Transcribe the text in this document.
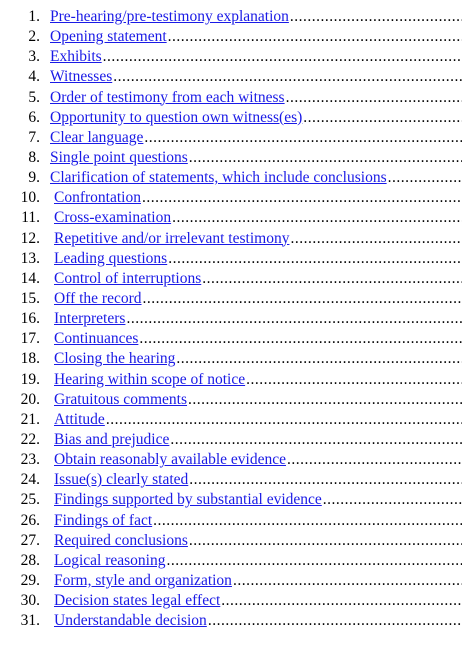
1. Pre-hearing/pre-testimony explanation
.....
2. Opening statement
.....
3. Exhibits
.....
4. Witnesses
.....
5. Order of testimony from each witness
.....
6. Opportunity to question own witness(es)
.....
7. Clear language
.....
8. Single point questions
.....
9. Clarification of statements, which include conclusions
.....
10. Confrontation
.....
11. Cross-examination
.....
12. Repetitive and/or irrelevant testimony
.....
13. Leading questions
.....
14. Control of interruptions
.....
15. Off the record
.....
16. Interpreters
.....
17. Continuances
.....
18. Closing the hearing
.....
19. Hearing within scope of notice
.....
20. Gratuitous comments
.....
21. Attitude
.....
22. Bias and prejudice
.....
23. Obtain reasonably available evidence
.....
24. Issue(s) clearly stated
.....
25. Findings supported by substantial evidence
.....
26. Findings of fact
.....
27. Required conclusions
.....
28. Logical reasoning
.....
29. Form, style and organization
.....
30. Decision states legal effect
.....
31. Understandable decision
.....
